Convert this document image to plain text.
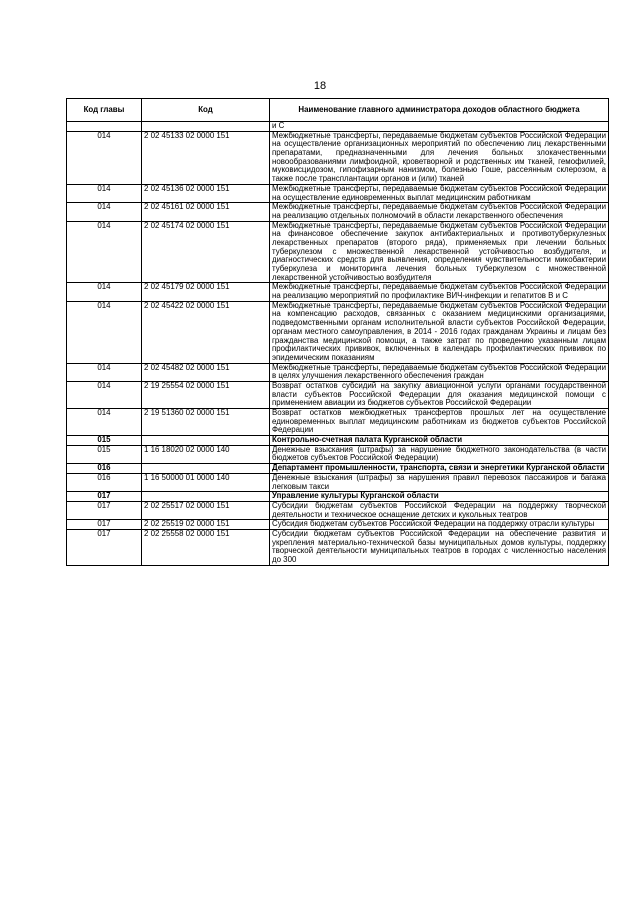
18
Код главы	Код	Наименование главного администратора доходов областного бюджета
		и С
014	2 02 45133 02 0000 151	Межбюджетные трансферты, передаваемые бюджетам субъектов Российской Федерации на осуществление организационных мероприятий по обеспечению лиц лекарственными препаратами, предназначенными для лечения больных злокачественными новообразованиями лимфоидной, кроветворной и родственных им тканей, гемофилией, муковисцидозом, гипофизарным нанизмом, болезнью Гоше, рассеянным склерозом, а также после трансплантации органов и (или) тканей
014	2 02 45136 02 0000 151	Межбюджетные трансферты, передаваемые бюджетам субъектов Российской Федерации на осуществление единовременных выплат медицинским работникам
014	2 02 45161 02 0000 151	Межбюджетные трансферты, передаваемые бюджетам субъектов Российской Федерации на реализацию отдельных полномочий в области лекарственного обеспечения
014	2 02 45174 02 0000 151	Межбюджетные трансферты, передаваемые бюджетам субъектов Российской Федерации на финансовое обеспечение закупок антибактериальных и противотуберкулезных лекарственных препаратов (второго ряда), применяемых при лечении больных туберкулезом с множественной лекарственной устойчивостью возбудителя, и диагностических средств для выявления, определения чувствительности микобактерии туберкулеза и мониторинга лечения больных туберкулезом с множественной лекарственной устойчивостью возбудителя
014	2 02 45179 02 0000 151	Межбюджетные трансферты, передаваемые бюджетам субъектов Российской Федерации на реализацию мероприятий по профилактике ВИЧ-инфекции и гепатитов В и С
014	2 02 45422 02 0000 151	Межбюджетные трансферты, передаваемые бюджетам субъектов Российской Федерации на компенсацию расходов, связанных с оказанием медицинскими организациями, подведомственными органам исполнительной власти субъектов Российской Федерации, органам местного самоуправления, в 2014 - 2016 годах гражданам Украины и лицам без гражданства медицинской помощи, а также затрат по проведению указанным лицам профилактических прививок, включенных в календарь профилактических прививок по эпидемическим показаниям
014	2 02 45482 02 0000 151	Межбюджетные трансферты, передаваемые бюджетам субъектов Российской Федерации в целях улучшения лекарственного обеспечения граждан
014	2 19 25554 02 0000 151	Возврат остатков субсидий на закупку авиационной услуги органами государственной власти субъектов Российской Федерации для оказания медицинской помощи с применением авиации из бюджетов субъектов Российской Федерации
014	2 19 51360 02 0000 151	Возврат остатков межбюджетных трансфертов прошлых лет на осуществление единовременных выплат медицинским работникам из бюджетов субъектов Российской Федерации
015		Контрольно-счетная палата Курганской области
015	1 16 18020 02 0000 140	Денежные взыскания (штрафы) за нарушение бюджетного законодательства (в части бюджетов субъектов Российской Федерации)
016		Департамент промышленности, транспорта, связи и энергетики Курганской области
016	1 16 50000 01 0000 140	Денежные взыскания (штрафы) за нарушения правил перевозок пассажиров и багажа легковым такси
017		Управление культуры Курганской области
017	2 02 25517 02 0000 151	Субсидии бюджетам субъектов Российской Федерации на поддержку творческой деятельности и техническое оснащение детских и кукольных театров
017	2 02 25519 02 0000 151	Субсидия бюджетам субъектов Российской Федерации на поддержку отрасли культуры
017	2 02 25558 02 0000 151	Субсидии бюджетам субъектов Российской Федерации на обеспечение развития и укрепления материально-технической базы муниципальных домов культуры, поддержку творческой деятельности муниципальных театров в городах с численностью населения до 300
